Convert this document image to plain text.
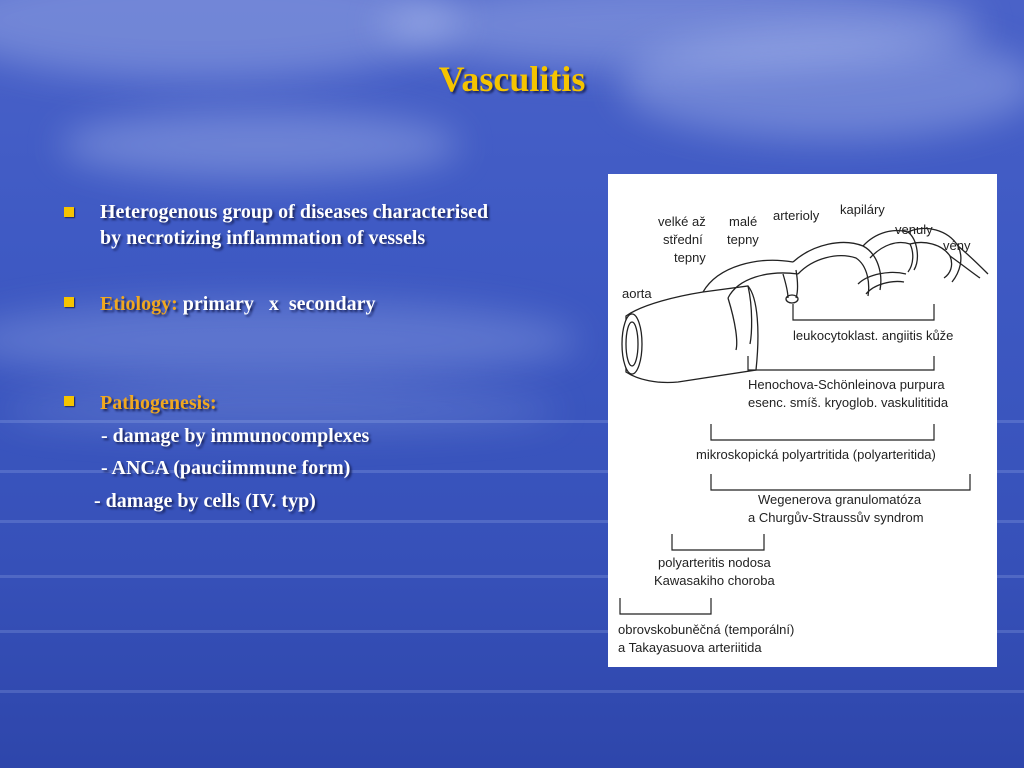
Vasculitis
Heterogenous group of diseases characterised
by necrotizing inflammation of vessels
Etiology: primary   x  secondary
Pathogenesis:
- damage by immunocomplexes
- ANCA (pauciimmune form)
- damage by cells (IV. typ)
aorta
velké až
střední
tepny
malé
tepny
arterioly kapiláry
venuly
vény
leukocytoklast. angiitis kůže
Henochova-Schönleinova purpura
esenc. smíš. kryoglob. vaskulititida
mikroskopická polyartritida (polyarteritida)
Wegenerova granulomatóza
a Churgův-Straussův syndrom
polyarteritis nodosa
Kawasakiho choroba
obrovskobuněčná (temporální)
a Takayasuova arteriitida
